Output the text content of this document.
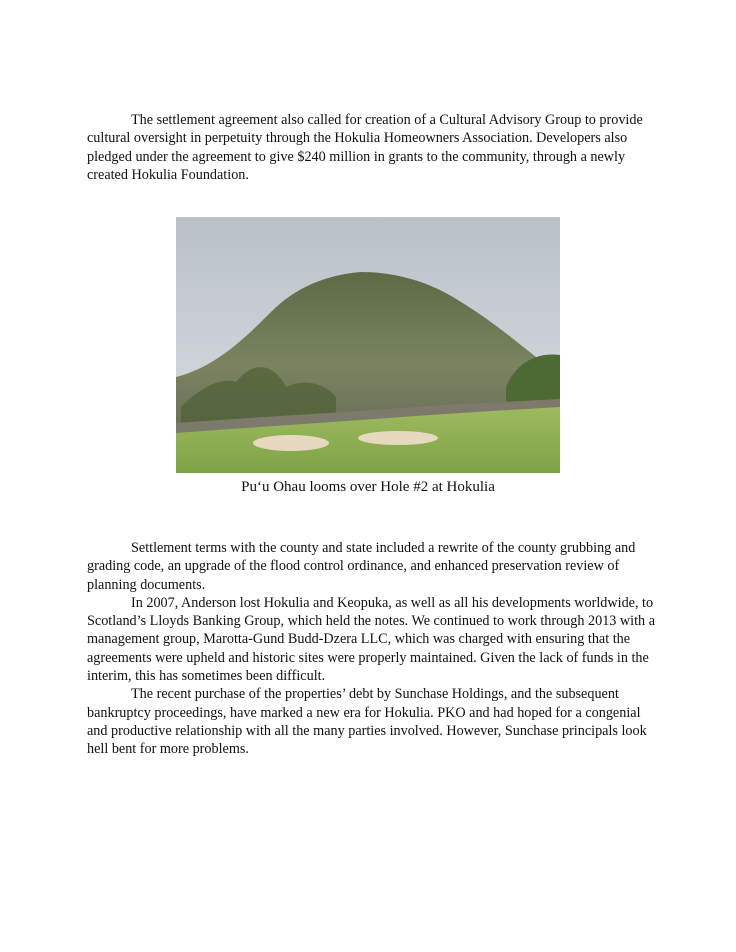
The settlement agreement also called for creation of a Cultural Advisory Group to provide cultural oversight in perpetuity through the Hokulia Homeowners Association. Developers also pledged under the agreement to give $240 million in grants to the community, through a newly created Hokulia Foundation.

Pu‘u Ohau looms over Hole #2 at Hokulia

Settlement terms with the county and state included a rewrite of the county grubbing and grading code, an upgrade of the flood control ordinance, and enhanced preservation review of planning documents.

In 2007, Anderson lost Hokulia and Keopuka, as well as all his developments worldwide, to Scotland’s Lloyds Banking Group, which held the notes. We continued to work through 2013 with a management group, Marotta-Gund Budd-Dzera LLC, which was charged with ensuring that the agreements were upheld and historic sites were properly maintained. Given the lack of funds in the interim, this has sometimes been difficult.

The recent purchase of the properties’ debt by Sunchase Holdings, and the subsequent bankruptcy proceedings, have marked a new era for Hokulia. PKO and had hoped for a congenial and productive relationship with all the many parties involved. However, Sunchase principals look hell bent for more problems.
